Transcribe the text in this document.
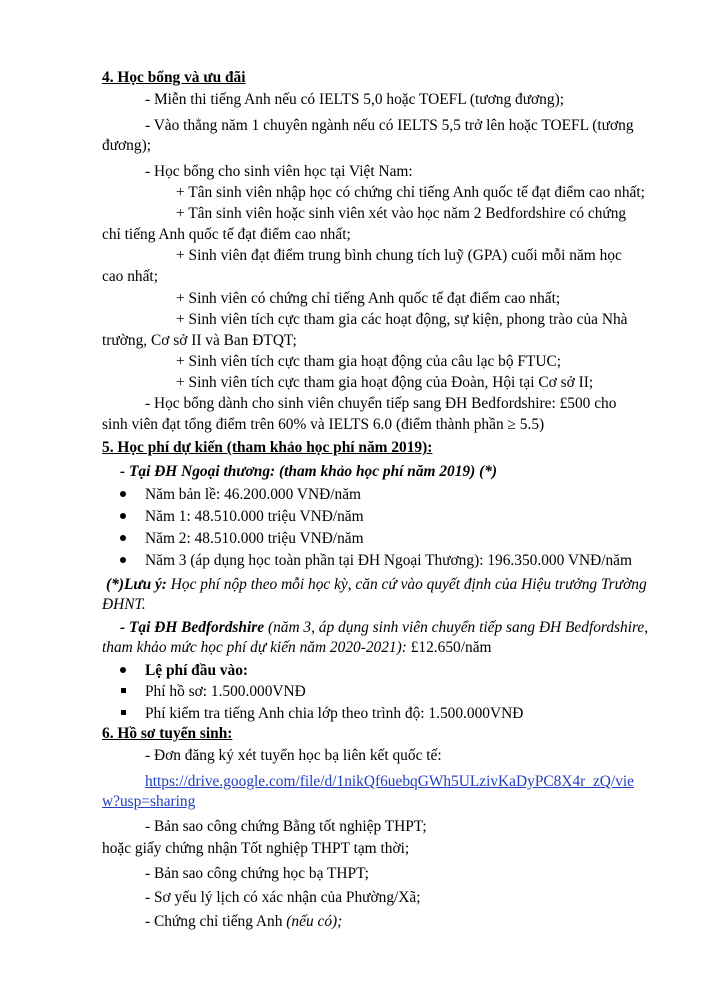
4. Học bổng và ưu đãi
- Miễn thi tiếng Anh nếu có IELTS 5,0 hoặc TOEFL (tương đương);
- Vào thẳng năm 1 chuyên ngành nếu có IELTS 5,5 trở lên hoặc TOEFL (tương
đương);
- Học bổng cho sinh viên học tại Việt Nam:
+ Tân sinh viên nhập học có chứng chỉ tiếng Anh quốc tế đạt điểm cao nhất;
+ Tân sinh viên hoặc sinh viên xét vào học năm 2 Bedfordshire có chứng
chỉ tiếng Anh quốc tế đạt điểm cao nhất;
+ Sinh viên đạt điểm trung bình chung tích luỹ (GPA) cuối mỗi năm học
cao nhất;
+ Sinh viên có chứng chỉ tiếng Anh quốc tế đạt điểm cao nhất;
+ Sinh viên tích cực tham gia các hoạt động, sự kiện, phong trào của Nhà
trường, Cơ sở II và Ban ĐTQT;
+ Sinh viên tích cực tham gia hoạt động của câu lạc bộ FTUC;
+ Sinh viên tích cực tham gia hoạt động của Đoàn, Hội tại Cơ sở II;
- Học bổng dành cho sinh viên chuyển tiếp sang ĐH Bedfordshire: £500 cho
sinh viên đạt tổng điểm trên 60% và IELTS 6.0 (điểm thành phần ≥ 5.5)
5. Học phí dự kiến (tham khảo học phí năm 2019):
- Tại ĐH Ngoại thương: (tham khảo học phí năm 2019) (*)
Năm bản lề: 46.200.000 VNĐ/năm
Năm 1: 48.510.000 triệu VNĐ/năm
Năm 2: 48.510.000 triệu VNĐ/năm
Năm 3 (áp dụng học toàn phần tại ĐH Ngoại Thương): 196.350.000 VNĐ/năm
(*)Lưu ý: Học phí nộp theo mỗi học kỳ, căn cứ vào quyết định của Hiệu trưởng Trường
ĐHNT.
- Tại ĐH Bedfordshire (năm 3, áp dụng sinh viên chuyển tiếp sang ĐH Bedfordshire,
tham khảo mức học phí dự kiến năm 2020-2021): £12.650/năm
Lệ phí đầu vào:
Phí hồ sơ: 1.500.000VNĐ
Phí kiểm tra tiếng Anh chia lớp theo trình độ: 1.500.000VNĐ
6. Hồ sơ tuyển sinh:
- Đơn đăng ký xét tuyển học bạ liên kết quốc tế:
https://drive.google.com/file/d/1nikQf6uebqGWh5ULzivKaDyPC8X4r_zQ/vie
w?usp=sharing
- Bản sao công chứng Bằng tốt nghiệp THPT;
hoặc giấy chứng nhận Tốt nghiệp THPT tạm thời;
- Bản sao công chứng học bạ THPT;
- Sơ yếu lý lịch có xác nhận của Phường/Xã;
- Chứng chỉ tiếng Anh (nếu có);
